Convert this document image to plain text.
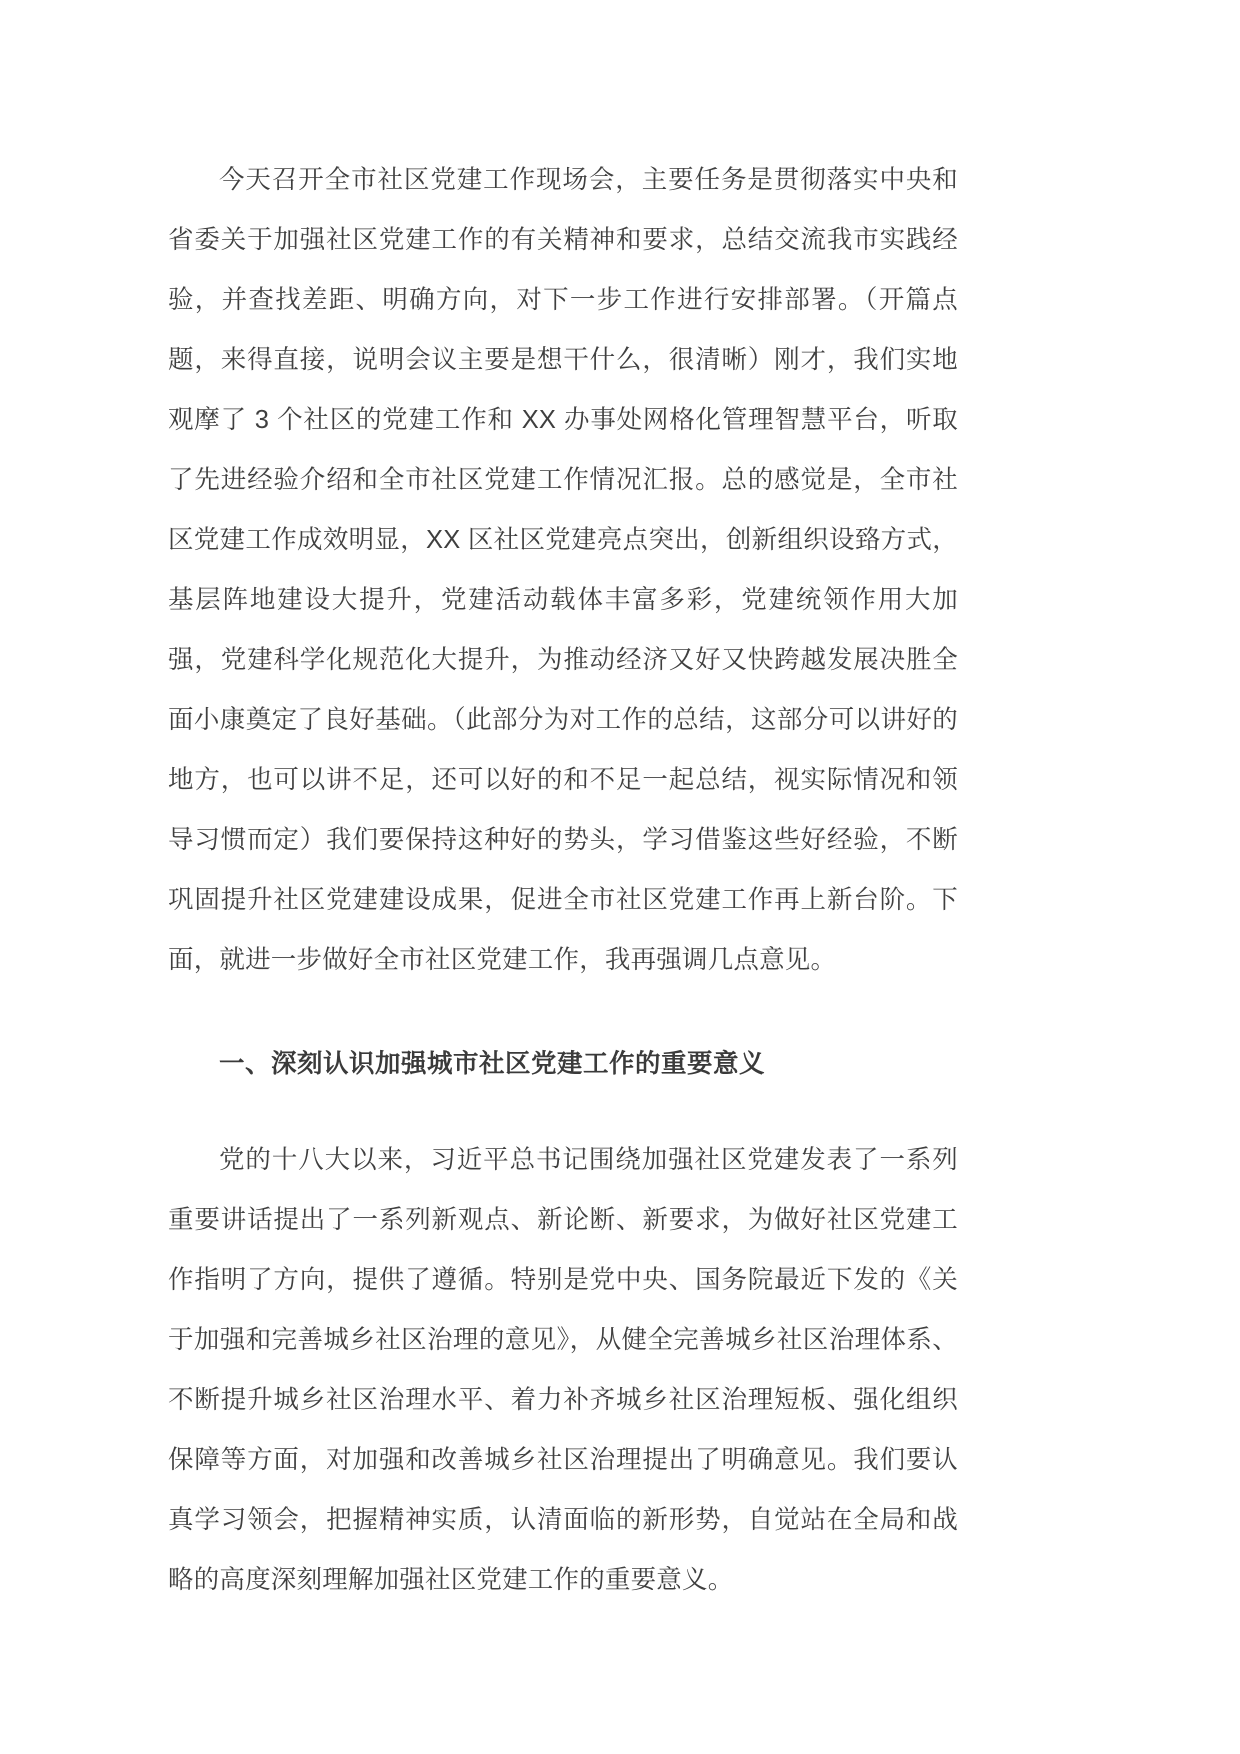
今天召开全市社区党建工作现场会，主要任务是贯彻落实中央和省委关于加强社区党建工作的有关精神和要求，总结交流我市实践经验，并查找差距、明确方向，对下一步工作进行安排部署。（开篇点题，来得直接，说明会议主要是想干什么，很清晰）刚才，我们实地观摩了 3 个社区的党建工作和 XX 办事处网格化管理智慧平台，听取了先进经验介绍和全市社区党建工作情况汇报。总的感觉是，全市社区党建工作成效明显，XX 区社区党建亮点突出，创新组织设臵方式，基层阵地建设大提升，党建活动载体丰富多彩，党建统领作用大加强，党建科学化规范化大提升，为推动经济又好又快跨越发展决胜全面小康奠定了良好基础。（此部分为对工作的总结，这部分可以讲好的地方，也可以讲不足，还可以好的和不足一起总结，视实际情况和领导习惯而定）我们要保持这种好的势头，学习借鉴这些好经验，不断巩固提升社区党建建设成果，促进全市社区党建工作再上新台阶。下面，就进一步做好全市社区党建工作，我再强调几点意见。

一、深刻认识加强城市社区党建工作的重要意义

党的十八大以来，习近平总书记围绕加强社区党建发表了一系列重要讲话提出了一系列新观点、新论断、新要求，为做好社区党建工作指明了方向，提供了遵循。特别是党中央、国务院最近下发的《关于加强和完善城乡社区治理的意见》，从健全完善城乡社区治理体系、不断提升城乡社区治理水平、着力补齐城乡社区治理短板、强化组织保障等方面，对加强和改善城乡社区治理提出了明确意见。我们要认真学习领会，把握精神实质，认清面临的新形势，自觉站在全局和战略的高度深刻理解加强社区党建工作的重要意义。
